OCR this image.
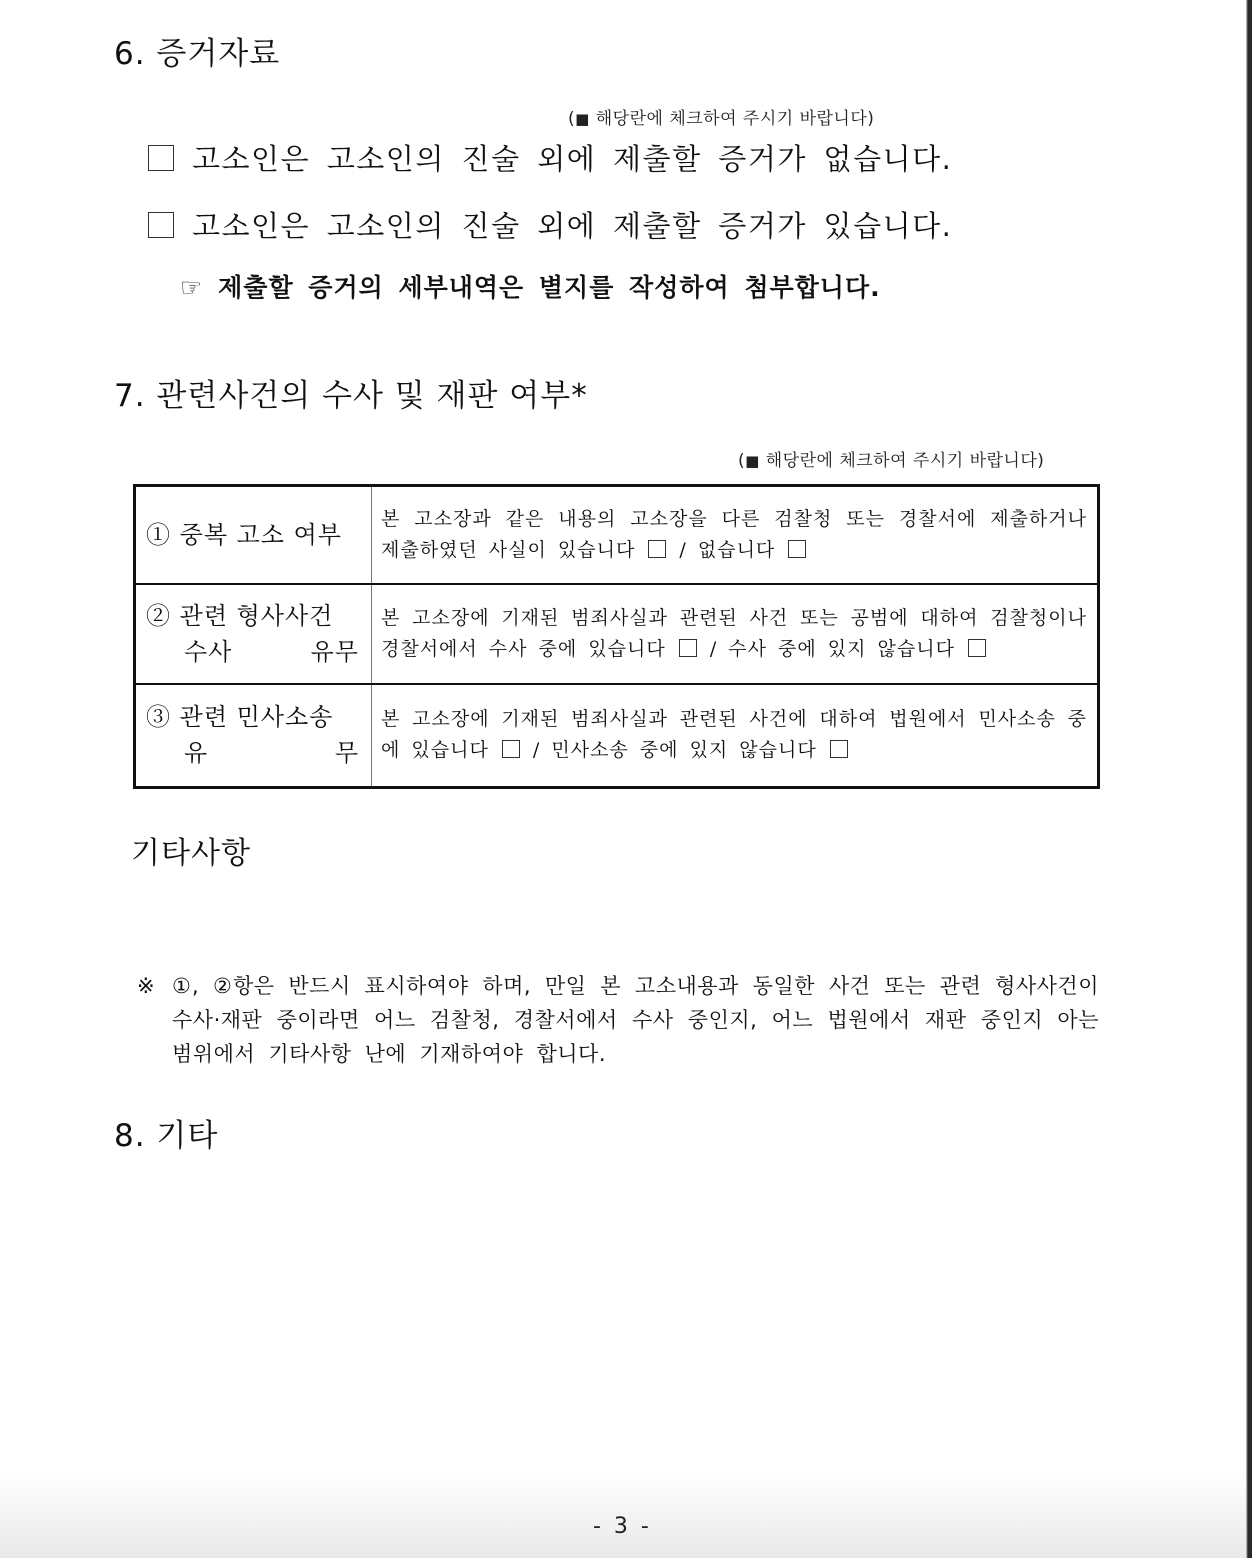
6. 증거자료
(■ 해당란에 체크하여 주시기 바랍니다)
고소인은 고소인의 진술 외에 제출할 증거가 없습니다.
고소인은 고소인의 진술 외에 제출할 증거가 있습니다.
☞ 제출할 증거의 세부내역은 별지를 작성하여 첨부합니다.
7. 관련사건의 수사 및 재판 여부*
(■ 해당란에 체크하여 주시기 바랍니다)
① 중복 고소 여부	본 고소장과 같은 내용의 고소장을 다른 검찰청 또는 경찰서에 제출하거나 제출하였던 사실이 있습니다 / 없습니다

② 관련 형사사건
수사 유무	본 고소장에 기재된 범죄사실과 관련된 사건 또는 공범에 대하여 검찰청이나 경찰서에서 수사 중에 있습니다 / 수사 중에 있지 않습니다

③ 관련 민사소송
유 무	본 고소장에 기재된 범죄사실과 관련된 사건에 대하여 법원에서 민사소송 중에 있습니다 / 민사소송 중에 있지 않습니다
기타사항
※ ①, ②항은 반드시 표시하여야 하며, 만일 본 고소내용과 동일한 사건 또는 관련 형사사건이 수사·재판 중이라면 어느 검찰청, 경찰서에서 수사 중인지, 어느 법원에서 재판 중인지 아는 범위에서 기타사항 난에 기재하여야 합니다.
8. 기타
- 3 -
